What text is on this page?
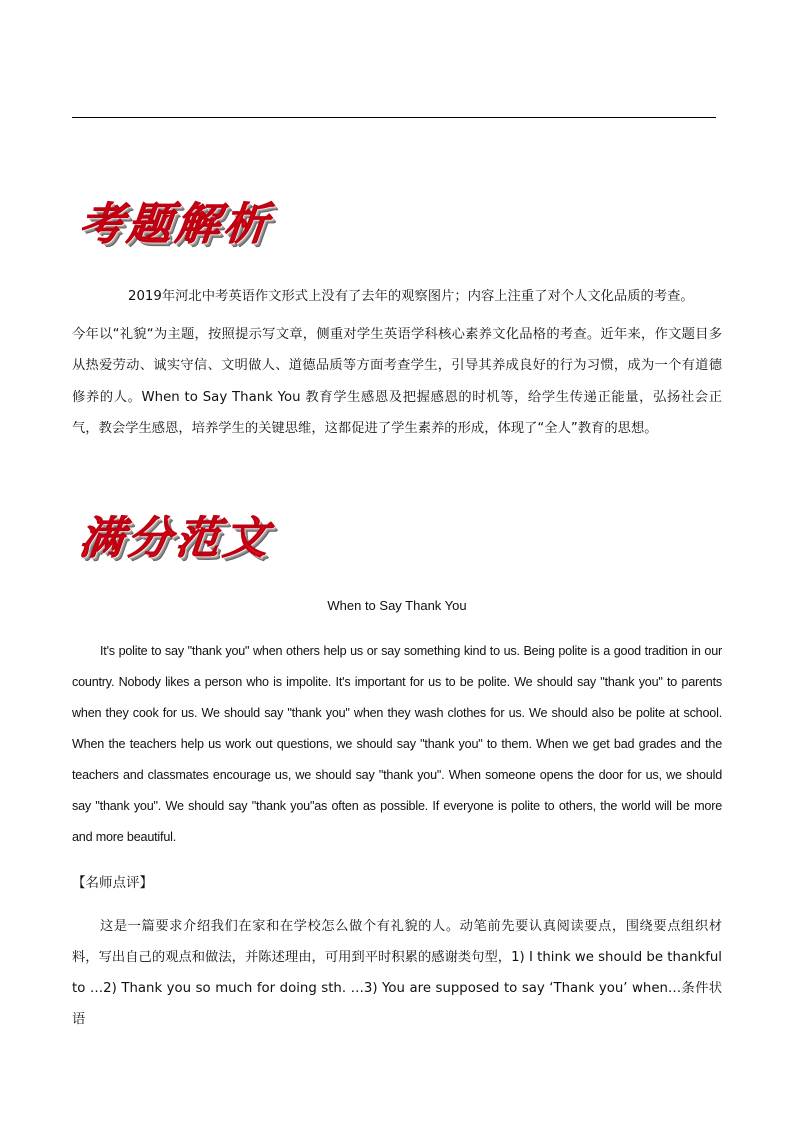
考题解析
2019年河北中考英语作文形式上没有了去年的观察图片；内容上注重了对个人文化品质的考查。
今年以“礼貌“为主题，按照提示写文章，侧重对学生英语学科核心素养文化品格的考查。近年来，作文题目多从热爱劳动、诚实守信、文明做人、道德品质等方面考查学生，引导其养成良好的行为习惯，成为一个有道德修养的人。When to Say Thank You 教育学生感恩及把握感恩的时机等，给学生传递正能量，弘扬社会正气，教会学生感恩，培养学生的关键思维，这都促进了学生素养的形成，体现了“全人”教育的思想。
满分范文
When to Say Thank You
It's polite to say "thank you" when others help us or say something kind to us. Being polite is a good tradition in our country. Nobody likes a person who is impolite. It's important for us to be polite. We should say "thank you" to parents when they cook for us. We should say "thank you" when they wash clothes for us. We should also be polite at school. When the teachers help us work out questions, we should say "thank you" to them. When we get bad grades and the teachers and classmates encourage us, we should say "thank you". When someone opens the door for us, we should say "thank you". We should say "thank you"as often as possible. If everyone is polite to others, the world will be more and more beautiful.
【名师点评】
这是一篇要求介绍我们在家和在学校怎么做个有礼貌的人。动笔前先要认真阅读要点，围绕要点组织材料，写出自己的观点和做法，并陈述理由，可用到平时积累的感谢类句型，1) I think we should be thankful to …2) Thank you so much for doing sth. …3) You are supposed to say ‘Thank you’ when…条件状语
